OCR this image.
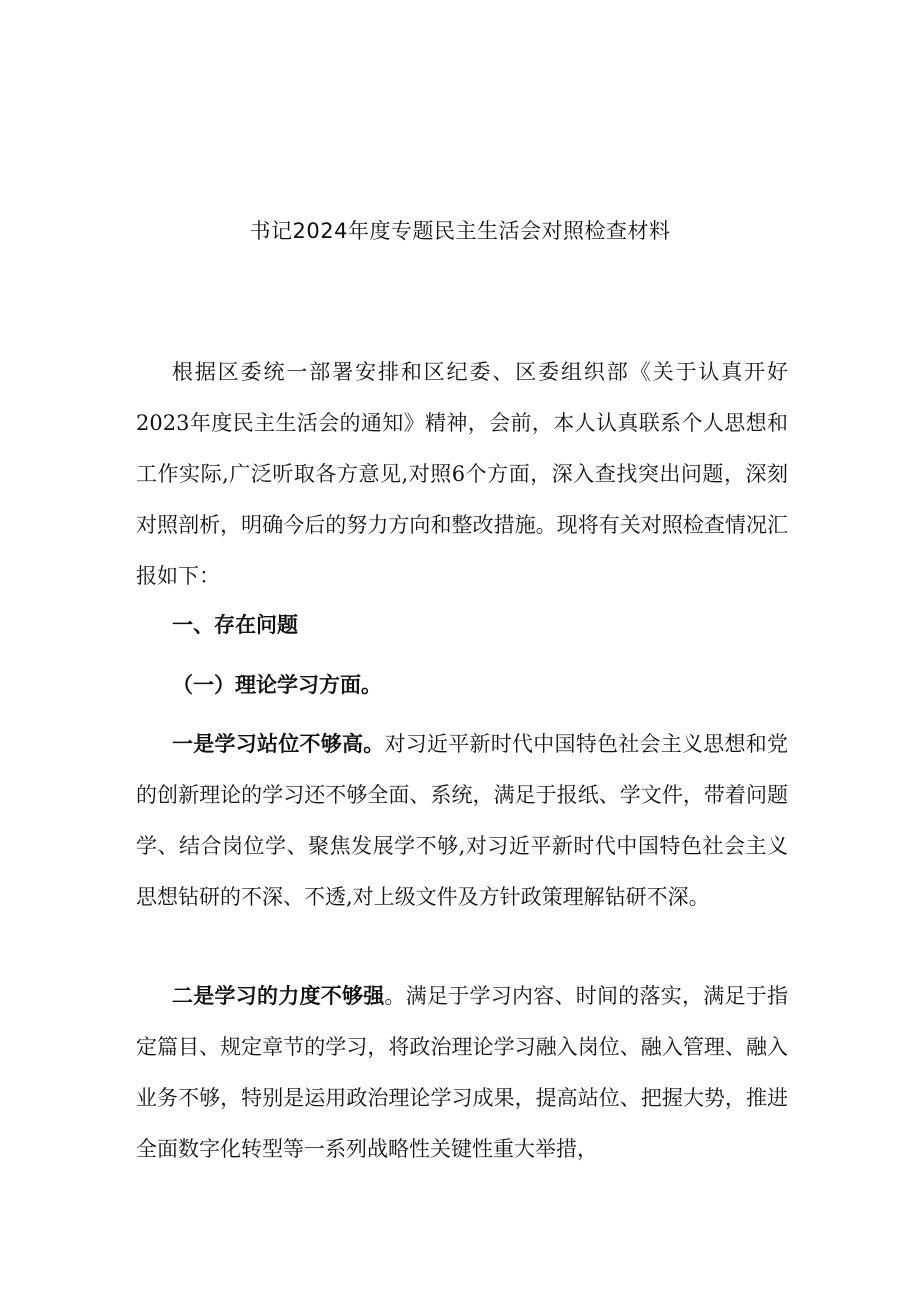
书记2024年度专题民主生活会对照检查材料

根据区委统一部署安排和区纪委、区委组织部《关于认真开好2023年度民主生活会的通知》精神，会前，本人认真联系个人思想和工作实际,广泛听取各方意见,对照6个方面，深入查找突出问题，深刻对照剖析，明确今后的努力方向和整改措施。现将有关对照检查情况汇报如下：

一、存在问题

（一）理论学习方面。

一是学习站位不够高。对习近平新时代中国特色社会主义思想和党的创新理论的学习还不够全面、系统，满足于报纸、学文件，带着问题学、结合岗位学、聚焦发展学不够,对习近平新时代中国特色社会主义思想钻研的不深、不透,对上级文件及方针政策理解钻研不深。

二是学习的力度不够强。满足于学习内容、时间的落实，满足于指定篇目、规定章节的学习，将政治理论学习融入岗位、融入管理、融入业务不够，特别是运用政治理论学习成果，提高站位、把握大势，推进全面数字化转型等一系列战略性关键性重大举措，
